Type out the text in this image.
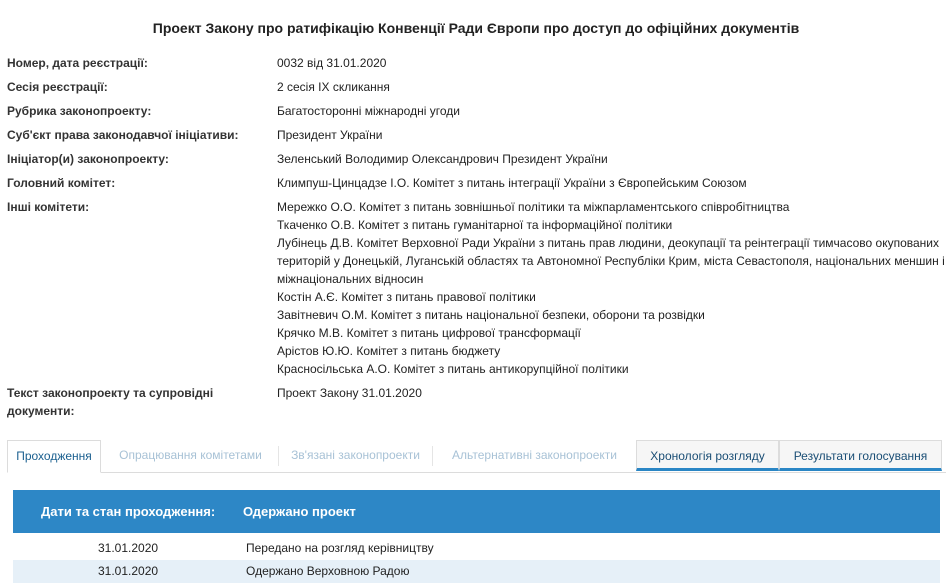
Проект Закону про ратифікацію Конвенції Ради Європи про доступ до офіційних документів
Номер, дата реєстрації:	0032 від 31.01.2020
Сесія реєстрації:	2 сесія IX скликання
Рубрика законопроекту:	Багатосторонні міжнародні угоди
Суб'єкт права законодавчої ініціативи:	Президент України
Ініціатор(и) законопроекту:	Зеленський Володимир Олександрович Президент України
Головний комітет:	Климпуш-Цинцадзе І.О. Комітет з питань інтеграції України з Європейським Союзом
Інші комітети:	Мережко О.О. Комітет з питань зовнішньої політики та міжпарламентського співробітництва
Ткаченко О.В. Комітет з питань гуманітарної та інформаційної політики
Лубінець Д.В. Комітет Верховної Ради України з питань прав людини, деокупації та реінтеграції тимчасово окупованих територій у Донецькій, Луганській областях та Автономної Республіки Крим, міста Севастополя, національних меншин і міжнаціональних відносин
Костін А.Є. Комітет з питань правової політики
Завітневич О.М. Комітет з питань національної безпеки, оборони та розвідки
Крячко М.В. Комітет з питань цифрової трансформації
Арістов Ю.Ю. Комітет з питань бюджету
Красносільська А.О. Комітет з питань антикорупційної політики
Текст законопроекту та супровідні документи:
Проект Закону 31.01.2020
Проходження	Опрацювання комітетами	Зв'язані законопроекти	Альтернативні законопроекти	Хронологія розгляду	Результати голосування
Дати та стан проходження: Одержано проект
31.01.2020	Передано на розгляд керівництву
31.01.2020	Одержано Верховною Радою
